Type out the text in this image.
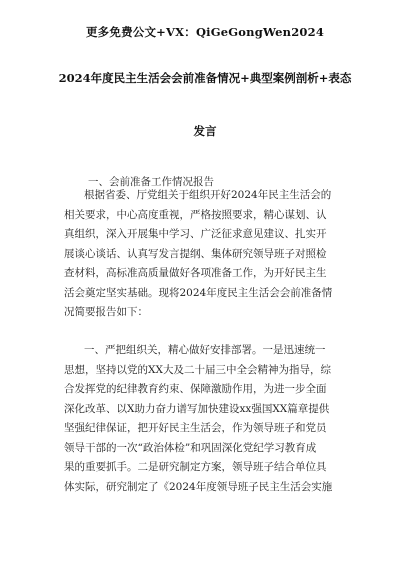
更多免费公文+VX：QiGeGongWen2024
2024年度民主生活会会前准备情况+典型案例剖析+表态
发言
一、会前准备工作情况报告
根据省委、厅党组关于组织开好2024年民主生活会的
相关要求，中心高度重视，严格按照要求，精心谋划、认
真组织，深入开展集中学习、广泛征求意见建议、扎实开
展谈心谈话、认真写发言提纲、集体研究领导班子对照检
查材料，高标准高质量做好各项准备工作，为开好民主生
活会奠定坚实基础。现将2024年度民主生活会会前准备情
况简要报告如下：
一、严把组织关，精心做好安排部署。一是迅速统一
思想，坚持以党的XX大及二十届三中全会精神为指导，综
合发挥党的纪律教育约束、保障激励作用，为进一步全面
深化改革、以X助力奋力谱写加快建设xx强国XX篇章提供
坚强纪律保证，把开好民主生活会，作为领导班子和党员
领导干部的一次“政治体检”和巩固深化党纪学习教育成
果的重要抓手。二是研究制定方案，领导班子结合单位具
体实际，研究制定了《2024年度领导班子民主生活会实施
